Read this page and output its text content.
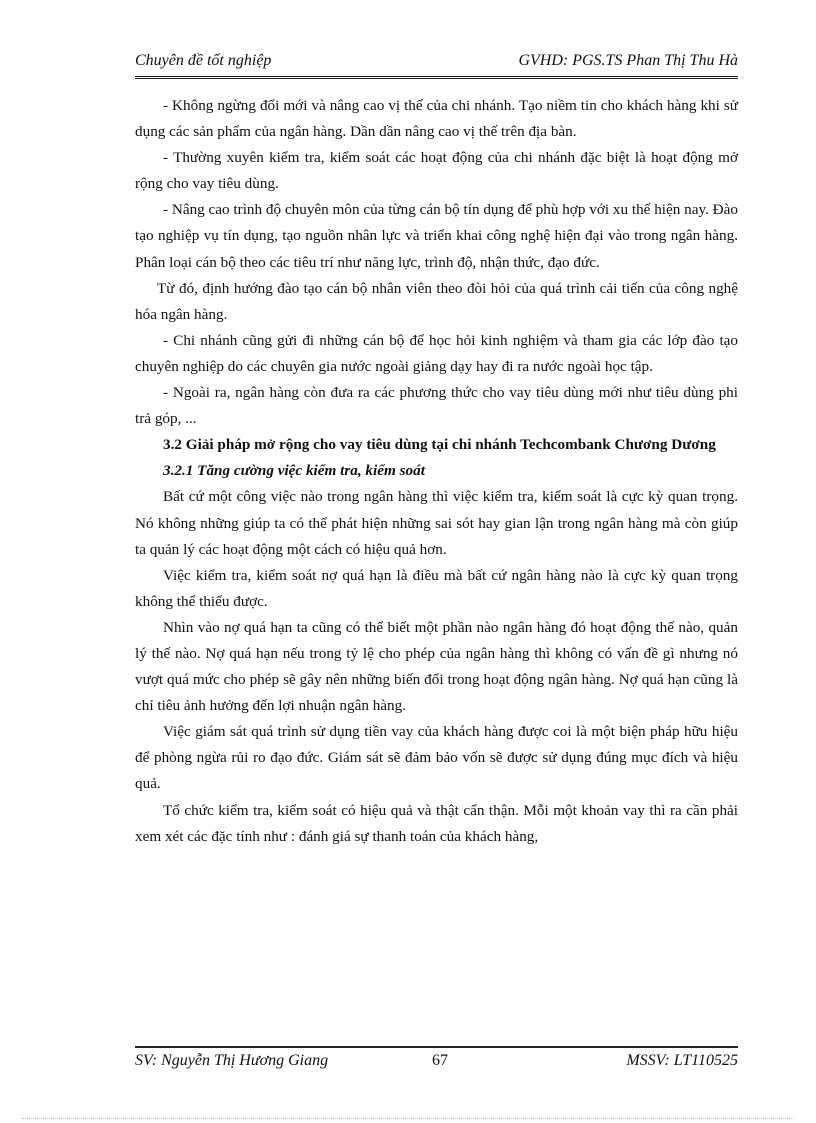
Chuyên đề tốt nghiệp	GVHD: PGS.TS Phan Thị Thu Hà

- Không ngừng đổi mới và nâng cao vị thế của chi nhánh. Tạo niềm tin cho khách hàng khi sử dụng các sản phẩm của ngân hàng. Dần dần nâng cao vị thế trên địa bàn.

- Thường xuyên kiểm tra, kiểm soát các hoạt động của chi nhánh đặc biệt là hoạt động mở rộng cho vay tiêu dùng.

- Nâng cao trình độ chuyên môn của từng cán bộ tín dụng để phù hợp với xu thế hiện nay. Đào tạo nghiệp vụ tín dụng, tạo nguồn nhân lực và triển khai công nghệ hiện đại vào trong ngân hàng. Phân loại cán bộ theo các tiêu trí như năng lực, trình độ, nhận thức, đạo đức.

Từ đó, định hướng đào tạo cán bộ nhân viên theo đòi hỏi của quá trình cải tiến của công nghệ hóa ngân hàng.

- Chi nhánh cũng gửi đi những cán bộ để học hỏi kinh nghiệm và tham gia các lớp đào tạo chuyên nghiệp do các chuyên gia nước ngoài giảng dạy hay đi ra nước ngoài học tập.

- Ngoài ra, ngân hàng còn đưa ra các phương thức cho vay tiêu dùng mới như tiêu dùng phi trả góp, ...

3.2 Giải pháp mở rộng cho vay tiêu dùng tại chi nhánh Techcombank Chương Dương

3.2.1 Tăng cường việc kiểm tra, kiểm soát

Bất cứ một công việc nào trong ngân hàng thì việc kiểm tra, kiểm soát là cực kỳ quan trọng. Nó không những giúp ta có thể phát hiện những sai sót hay gian lận trong ngân hàng mà còn giúp ta quản lý các hoạt động một cách có hiệu quả hơn.

Việc kiểm tra, kiểm soát nợ quá hạn là điều mà bất cứ ngân hàng nào là cực kỳ quan trọng không thể thiếu được.

Nhìn vào nợ quá hạn ta cũng có thể biết một phần nào ngân hàng đó hoạt động thế nào, quản lý thế nào. Nợ quá hạn nếu trong tỷ lệ cho phép của ngân hàng thì không có vấn đề gì nhưng nó vượt quá mức cho phép sẽ gây nên những biến đổi trong hoạt động ngân hàng. Nợ quá hạn cũng là chỉ tiêu ảnh hưởng đến lợi nhuận ngân hàng.

Việc giám sát quá trình sử dụng tiền vay của khách hàng được coi là một biện pháp hữu hiệu để phòng ngừa rủi ro đạo đức. Giám sát sẽ đảm bảo vốn sẽ được sử dụng đúng mục đích và hiệu quả.

Tổ chức kiểm tra, kiểm soát có hiệu quả và thật cẩn thận. Mỗi một khoản vay thì ra cần phải xem xét các đặc tính như : đánh giá sự thanh toán của khách hàng,

SV: Nguyễn Thị Hương Giang	67	MSSV: LT110525
